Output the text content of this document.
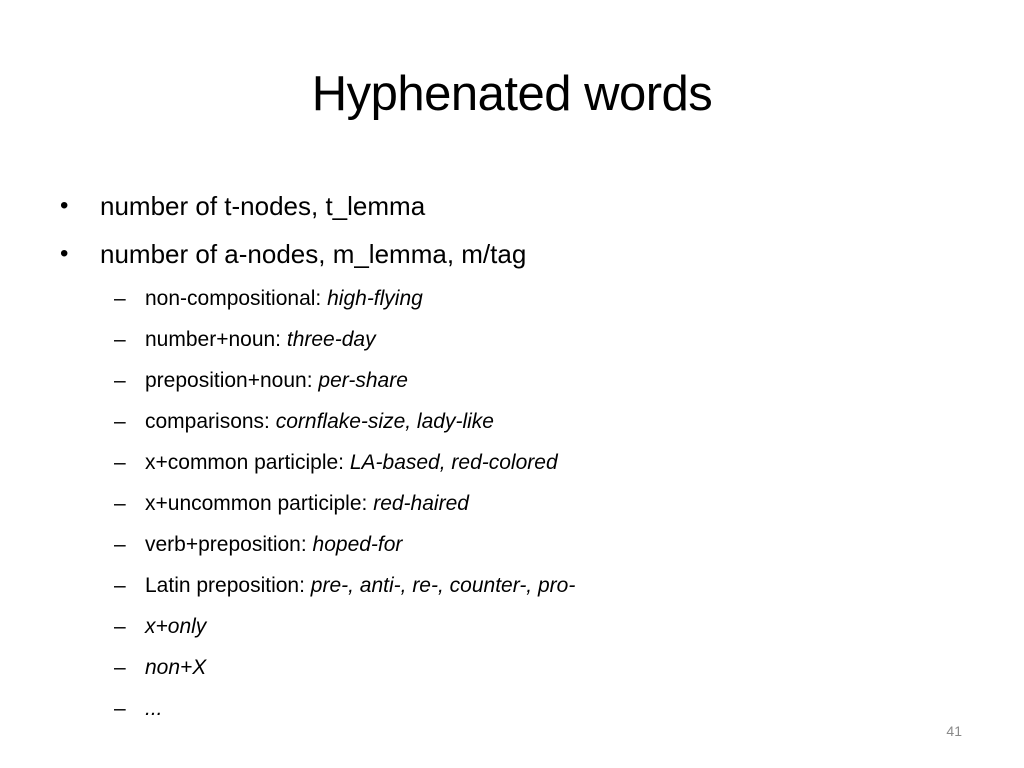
Hyphenated words
• number of t-nodes, t_lemma
• number of a-nodes, m_lemma, m/tag
– non-compositional: high-flying
– number+noun: three-day
– preposition+noun: per-share
– comparisons: cornflake-size, lady-like
– x+common participle: LA-based, red-colored
– x+uncommon participle: red-haired
– verb+preposition: hoped-for
– Latin preposition: pre-, anti-, re-, counter-, pro-
– x+only
– non+X
– ...
41
